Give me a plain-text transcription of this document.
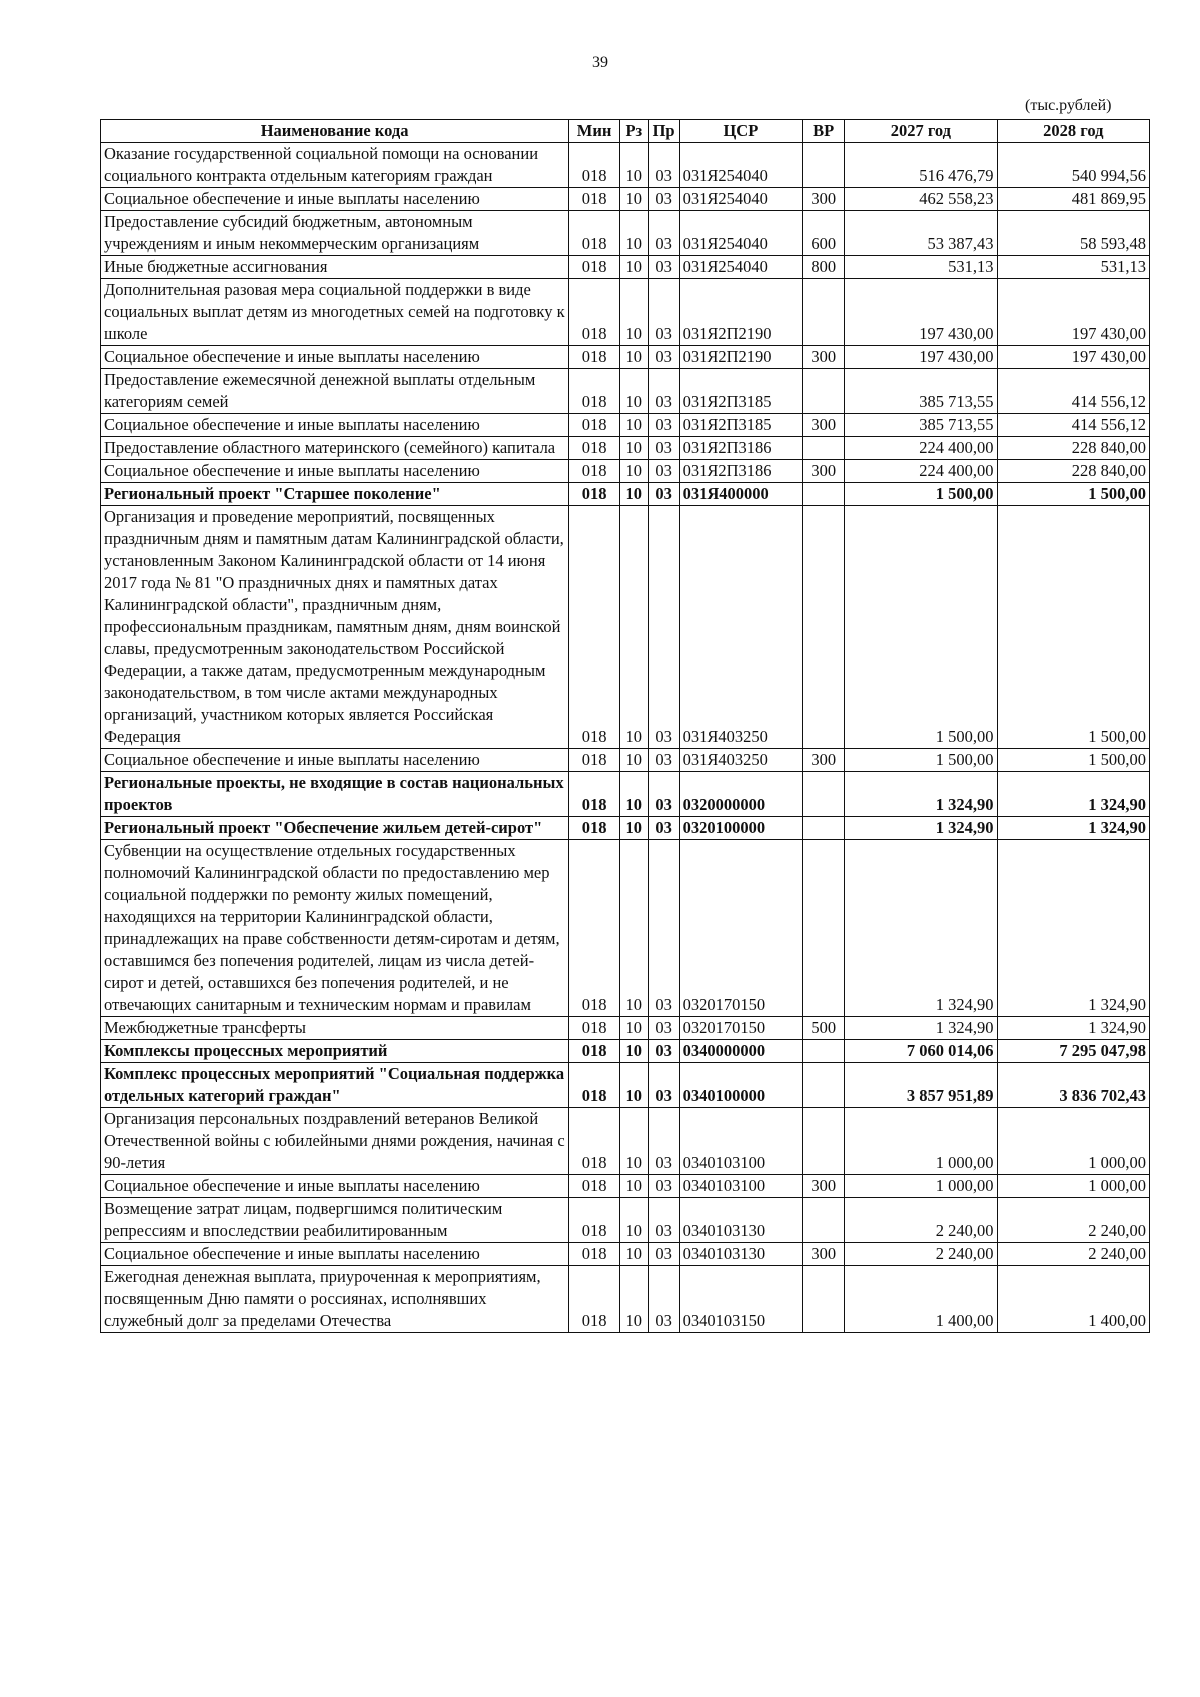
39
(тыс.рублей)
Наименование кода	Мин	Рз	Пр	ЦСР	ВР	2027 год	2028 год
Оказание государственной социальной помощи на основании социального контракта отдельным категориям граждан	018	10	03	031Я254040		516 476,79	540 994,56
Социальное обеспечение и иные выплаты населению	018	10	03	031Я254040	300	462 558,23	481 869,95
Предоставление субсидий бюджетным, автономным учреждениям и иным некоммерческим организациям	018	10	03	031Я254040	600	53 387,43	58 593,48
Иные бюджетные ассигнования	018	10	03	031Я254040	800	531,13	531,13
Дополнительная разовая мера социальной поддержки в виде социальных выплат детям из многодетных семей на подготовку к школе	018	10	03	031Я2П2190		197 430,00	197 430,00
Социальное обеспечение и иные выплаты населению	018	10	03	031Я2П2190	300	197 430,00	197 430,00
Предоставление ежемесячной денежной выплаты отдельным категориям семей	018	10	03	031Я2П3185		385 713,55	414 556,12
Социальное обеспечение и иные выплаты населению	018	10	03	031Я2П3185	300	385 713,55	414 556,12
Предоставление областного материнского (семейного) капитала	018	10	03	031Я2П3186		224 400,00	228 840,00
Социальное обеспечение и иные выплаты населению	018	10	03	031Я2П3186	300	224 400,00	228 840,00
Региональный проект "Старшее поколение"	018	10	03	031Я400000		1 500,00	1 500,00
Организация и проведение мероприятий, посвященных праздничным дням и памятным датам Калининградской области, установленным Законом Калининградской области от 14 июня 2017 года № 81 "О праздничных днях и памятных датах Калининградской области", праздничным дням, профессиональным праздникам, памятным дням, дням воинской славы, предусмотренным законодательством Российской Федерации, а также датам, предусмотренным международным законодательством, в том числе актами международных организаций, участником которых является Российская Федерация	018	10	03	031Я403250		1 500,00	1 500,00
Социальное обеспечение и иные выплаты населению	018	10	03	031Я403250	300	1 500,00	1 500,00
Региональные проекты, не входящие в состав национальных проектов	018	10	03	0320000000		1 324,90	1 324,90
Региональный проект "Обеспечение жильем детей-сирот"	018	10	03	0320100000		1 324,90	1 324,90
Субвенции на осуществление отдельных государственных полномочий Калининградской области по предоставлению мер социальной поддержки по ремонту жилых помещений, находящихся на территории Калининградской области, принадлежащих на праве собственности детям-сиротам и детям, оставшимся без попечения родителей, лицам из числа детей-сирот и детей, оставшихся без попечения родителей, и не отвечающих санитарным и техническим нормам и правилам	018	10	03	0320170150		1 324,90	1 324,90
Межбюджетные трансферты	018	10	03	0320170150	500	1 324,90	1 324,90
Комплексы процессных мероприятий	018	10	03	0340000000		7 060 014,06	7 295 047,98
Комплекс процессных мероприятий "Социальная поддержка отдельных категорий граждан"	018	10	03	0340100000		3 857 951,89	3 836 702,43
Организация персональных поздравлений ветеранов Великой Отечественной войны с юбилейными днями рождения, начиная с 90-летия	018	10	03	0340103100		1 000,00	1 000,00
Социальное обеспечение и иные выплаты населению	018	10	03	0340103100	300	1 000,00	1 000,00
Возмещение затрат лицам, подвергшимся политическим репрессиям и впоследствии реабилитированным	018	10	03	0340103130		2 240,00	2 240,00
Социальное обеспечение и иные выплаты населению	018	10	03	0340103130	300	2 240,00	2 240,00
Ежегодная денежная выплата, приуроченная к мероприятиям, посвященным Дню памяти о россиянах, исполнявших служебный долг за пределами Отечества	018	10	03	0340103150		1 400,00	1 400,00
